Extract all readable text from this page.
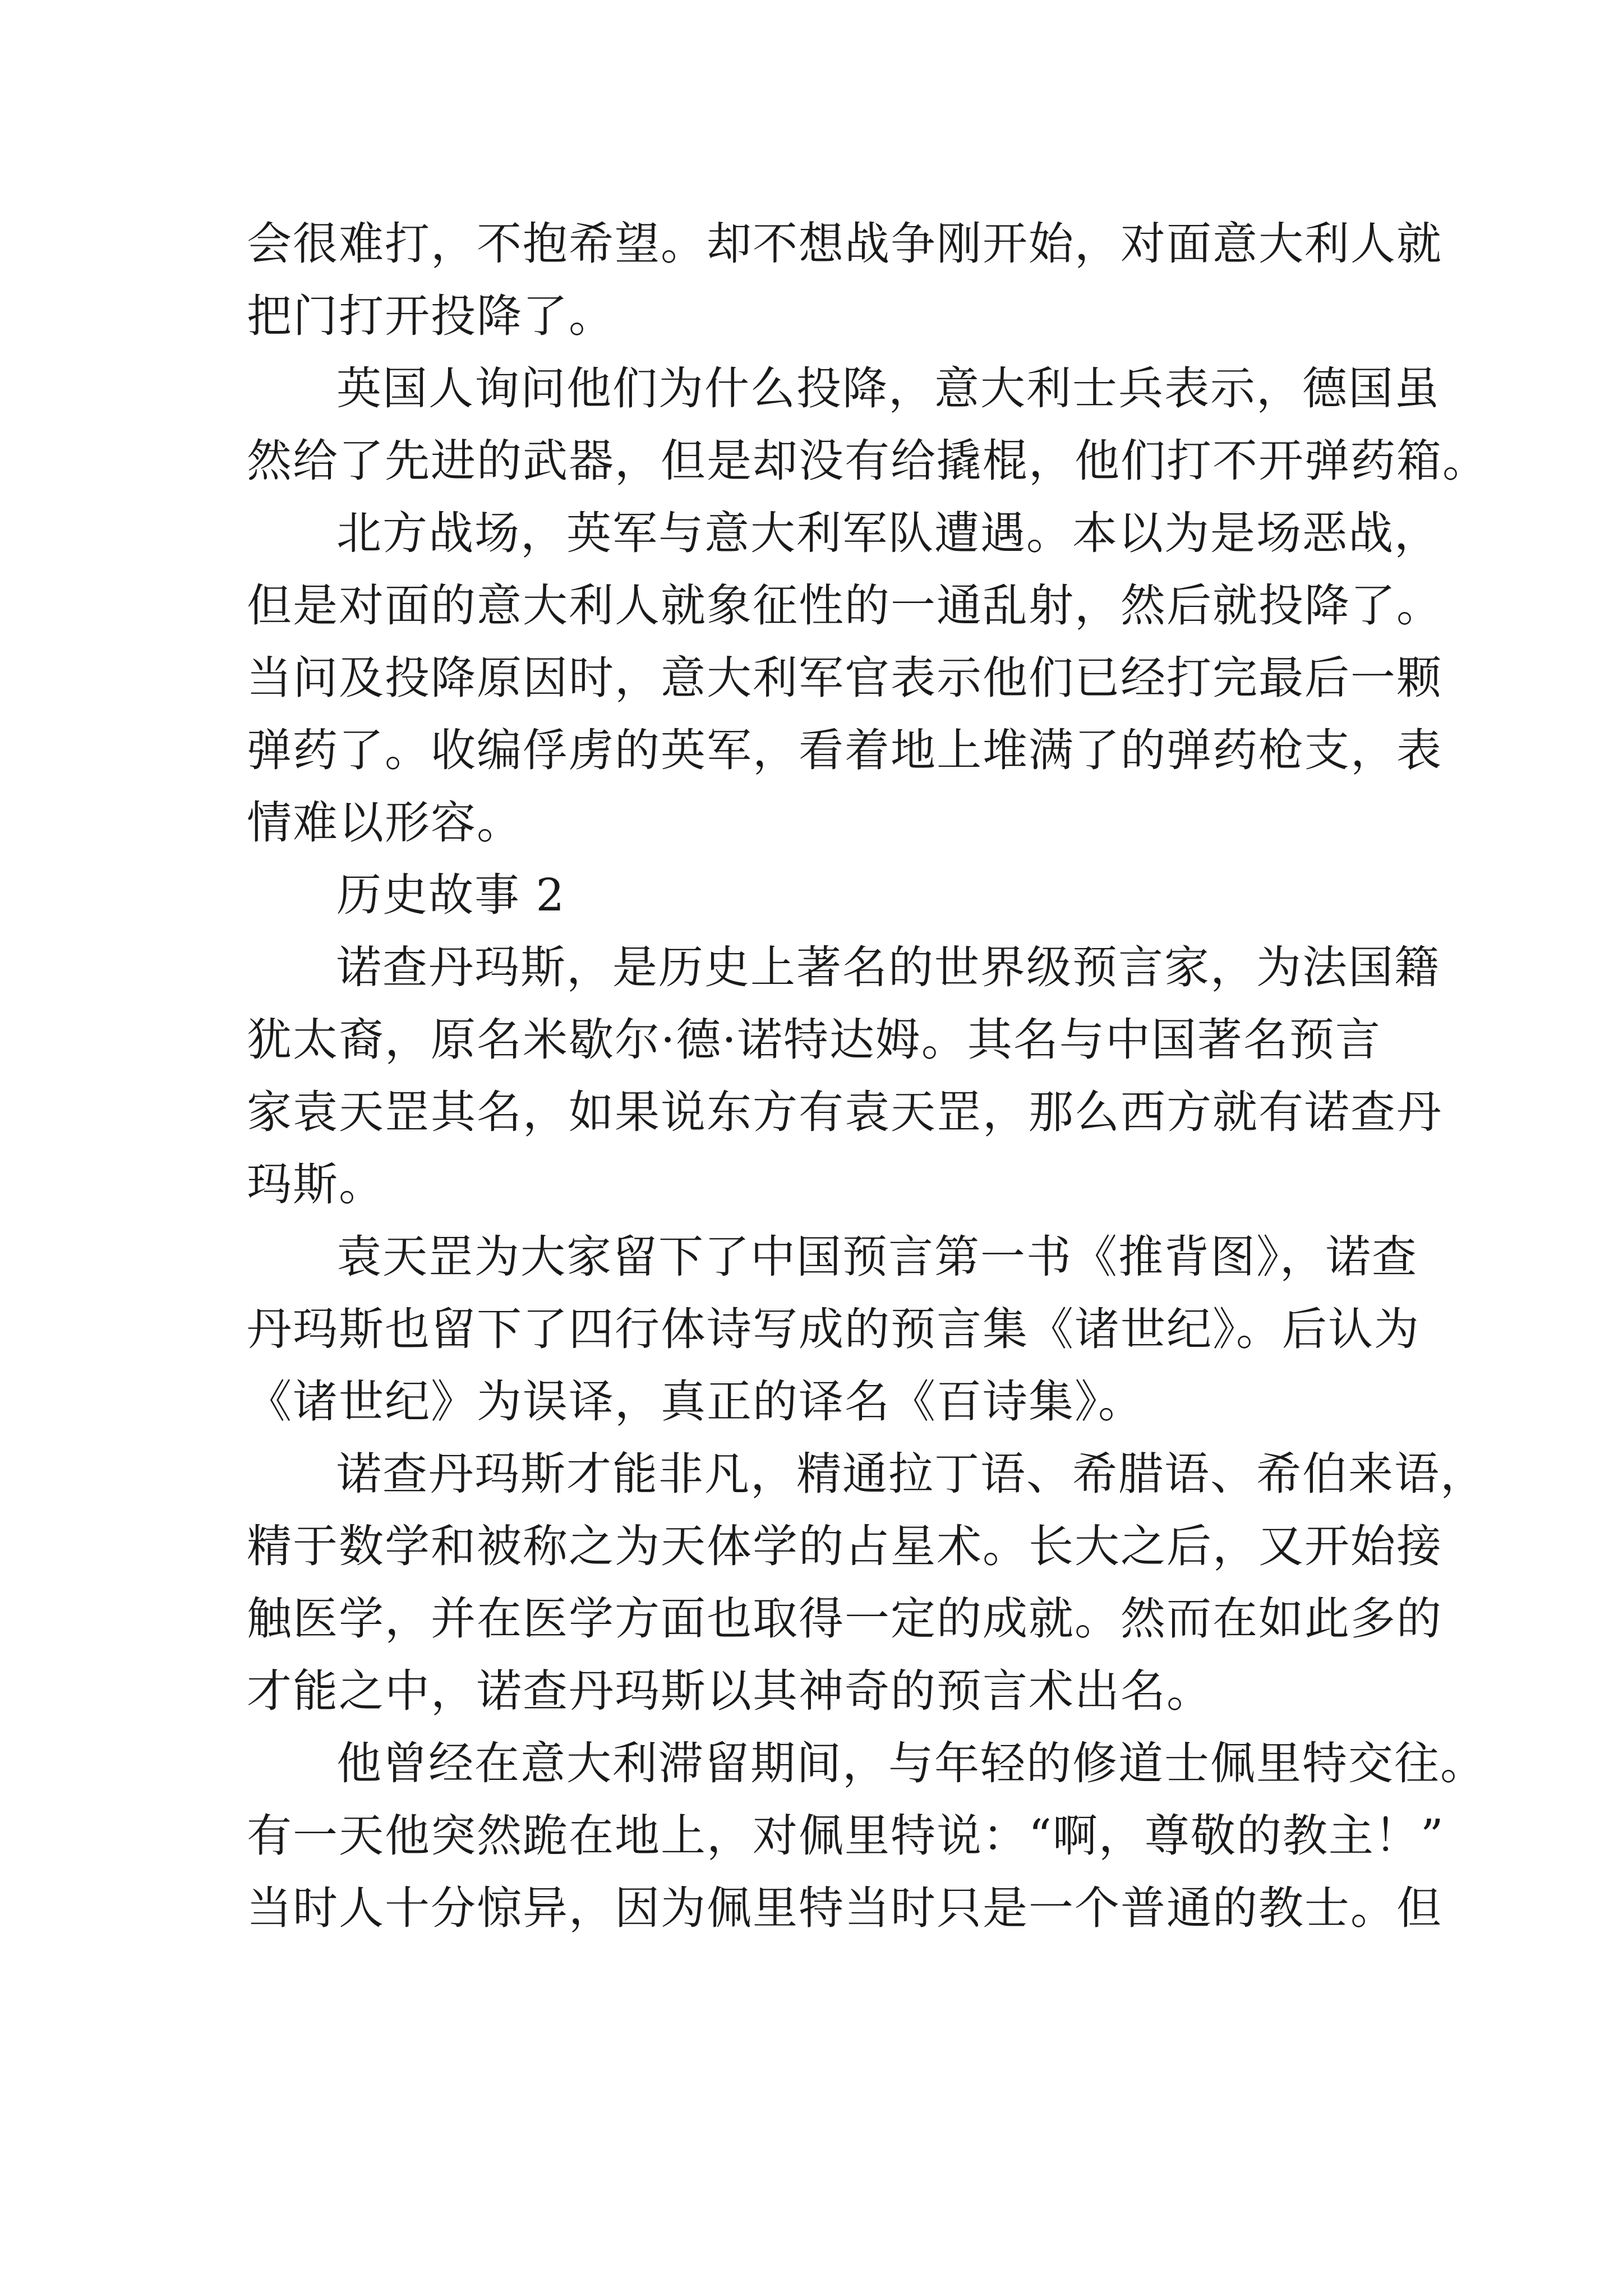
会很难打，不抱希望。却不想战争刚开始，对面意大利人就
把门打开投降了。
英国人询问他们为什么投降，意大利士兵表示，德国虽
然给了先进的武器，但是却没有给撬棍，他们打不开弹药箱。
北方战场，英军与意大利军队遭遇。本以为是场恶战，
但是对面的意大利人就象征性的一通乱射，然后就投降了。
当问及投降原因时，意大利军官表示他们已经打完最后一颗
弹药了。收编俘虏的英军，看着地上堆满了的弹药枪支，表
情难以形容。
历史故事 2
诺查丹玛斯，是历史上著名的世界级预言家，为法国籍
犹太裔，原名米歇尔·德·诺特达姆。其名与中国著名预言
家袁天罡其名，如果说东方有袁天罡，那么西方就有诺查丹
玛斯。
袁天罡为大家留下了中国预言第一书《推背图》，诺查
丹玛斯也留下了四行体诗写成的预言集《诸世纪》。后认为
《诸世纪》为误译，真正的译名《百诗集》。
诺查丹玛斯才能非凡，精通拉丁语、希腊语、希伯来语，
精于数学和被称之为天体学的占星术。长大之后，又开始接
触医学，并在医学方面也取得一定的成就。然而在如此多的
才能之中，诺查丹玛斯以其神奇的预言术出名。
他曾经在意大利滞留期间，与年轻的修道士佩里特交往。
有一天他突然跪在地上，对佩里特说：“啊，尊敬的教主！”
当时人十分惊异，因为佩里特当时只是一个普通的教士。但
